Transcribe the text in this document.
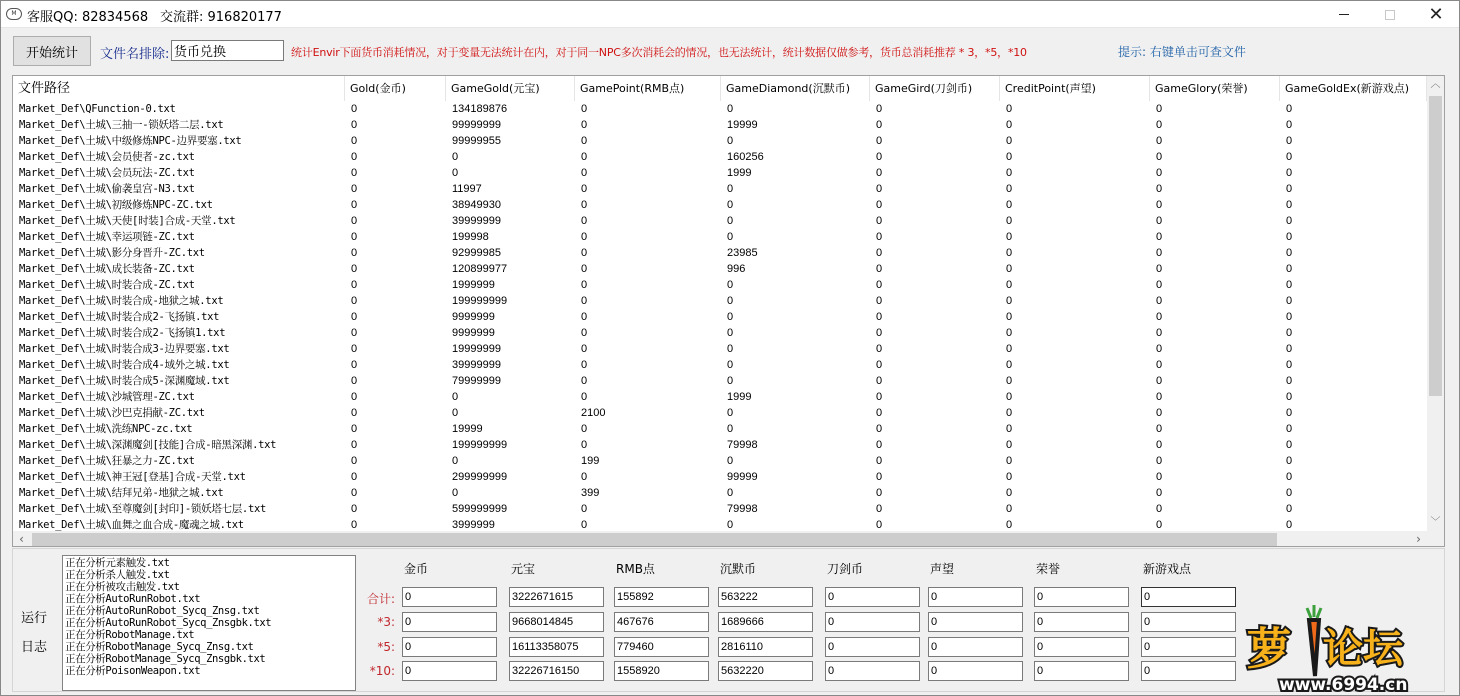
M 客服QQ: 82834568 交流群: 916820177	✕
开始统计	文件名排除:
货币兑换	统计Envir下面货币消耗情况，对于变量无法统计在内，对于同一NPC多次消耗会的情况，也无法统计，统计数据仅做参考，货币总消耗推荐 * 3，*5，*10	提示: 右键单击可查文件
文件路径	Gold(金币)	GameGold(元宝)	GamePoint(RMB点)	GameDiamond(沉默币)	GameGird(刀剑币)	CreditPoint(声望)	GameGlory(荣誉)	GameGoldEx(新游戏点)
Market_Def\QFunction-0.txt	0	134189876	0	0	0	0	0	0
Market_Def\土城\三抽一-锁妖塔二层.txt	0	99999999	0	19999	0	0	0	0
Market_Def\土城\中级修炼NPC-边界要塞.txt	0	99999955	0	0	0	0	0	0
Market_Def\土城\会员使者-zc.txt	0	0	0	160256	0	0	0	0
Market_Def\土城\会员玩法-ZC.txt	0	0	0	1999	0	0	0	0
Market_Def\土城\偷袭皇宫-N3.txt	0	11997	0	0	0	0	0	0
Market_Def\土城\初级修炼NPC-ZC.txt	0	38949930	0	0	0	0	0	0
Market_Def\土城\天使[时装]合成-天堂.txt	0	39999999	0	0	0	0	0	0
Market_Def\土城\幸运项链-ZC.txt	0	199998	0	0	0	0	0	0
Market_Def\土城\影分身晋升-ZC.txt	0	92999985	0	23985	0	0	0	0
Market_Def\土城\成长装备-ZC.txt	0	120899977	0	996	0	0	0	0
Market_Def\土城\时装合成-ZC.txt	0	1999999	0	0	0	0	0	0
Market_Def\土城\时装合成-地狱之城.txt	0	199999999	0	0	0	0	0	0
Market_Def\土城\时装合成2-飞扬镇.txt	0	9999999	0	0	0	0	0	0
Market_Def\土城\时装合成2-飞扬镇1.txt	0	9999999	0	0	0	0	0	0
Market_Def\土城\时装合成3-边界要塞.txt	0	19999999	0	0	0	0	0	0
Market_Def\土城\时装合成4-域外之城.txt	0	39999999	0	0	0	0	0	0
Market_Def\土城\时装合成5-深渊魔域.txt	0	79999999	0	0	0	0	0	0
Market_Def\土城\沙城管理-ZC.txt	0	0	0	1999	0	0	0	0
Market_Def\土城\沙巴克捐献-ZC.txt	0	0	2100	0	0	0	0	0
Market_Def\土城\洗练NPC-zc.txt	0	19999	0	0	0	0	0	0
Market_Def\土城\深渊魔剑[技能]合成-暗黑深渊.txt	0	199999999	0	79998	0	0	0	0
Market_Def\土城\狂暴之力-ZC.txt	0	0	199	0	0	0	0	0
Market_Def\土城\神王冠[登基]合成-天堂.txt	0	299999999	0	99999	0	0	0	0
Market_Def\土城\结拜兄弟-地狱之城.txt	0	0	399	0	0	0	0	0
Market_Def\土城\至尊魔剑[封印]-锁妖塔七层.txt	0	599999999	0	79998	0	0	0	0
Market_Def\土城\血舞之血合成-魔魂之城.txt	0	3999999	0	0	0	0	0	0
︿
﹀
‹	›
运行
日志
正在分析元素触发.txt
正在分析杀人触发.txt
正在分析被攻击触发.txt
正在分析AutoRunRobot.txt
正在分析AutoRunRobot_Sycq_Znsg.txt
正在分析AutoRunRobot_Sycq_Znsgbk.txt
正在分析RobotManage.txt
正在分析RobotManage_Sycq_Znsg.txt
正在分析RobotManage_Sycq_Znsgbk.txt
正在分析PoisonWeapon.txt
金币	元宝	RMB点	沉默币	刀剑币	声望	荣誉	新游戏点
合计: 0	3222671615	155892	563222	0	0	0	0
*3: 0	9668014845	467676	1689666	0	0	0	0
*5: 0	16113358075	779460	2816110	0	0	0	0
*10: 0	32226716150	1558920	5632220	0	0	0	0	萝 论坛
www.6994.cn
